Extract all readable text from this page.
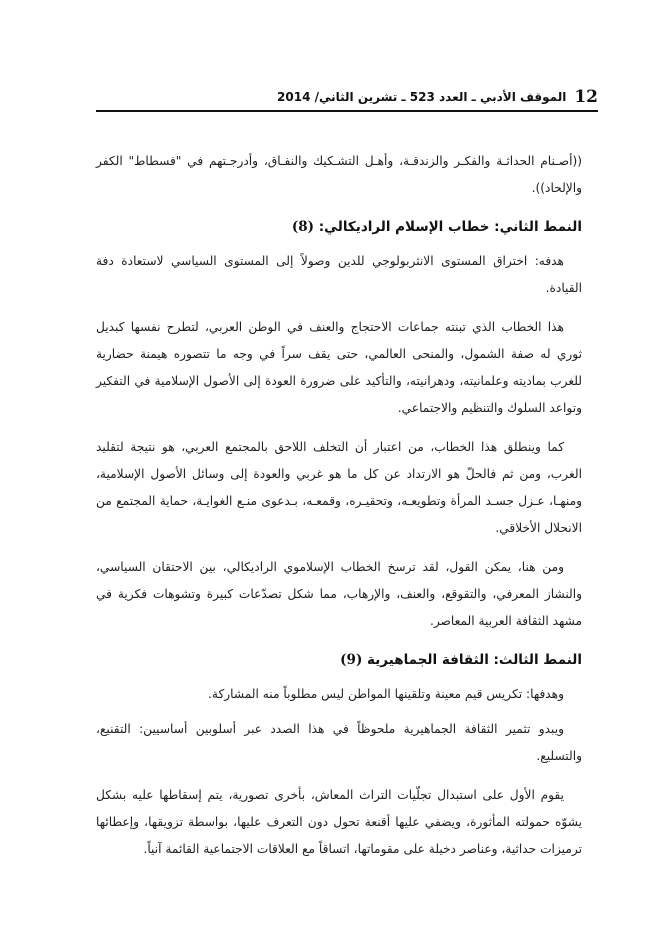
الموقف الأدبي ـ العدد 523 ـ تشرين الثاني/ 2014 12

((أصـنام الحداثـة والفكـر والزندقـة، وأهـل التشـكيك والنفـاق، وأدرجـتهم في "فسطاط" الكفر والإلحاد)).

النمط الثاني: خطاب الإسلام الراديكالي: (8)

هدفه: اختراق المستوى الانثربولوجي للدين وصولاً إلى المستوى السياسي لاستعادة دفة القيادة.

هذا الخطاب الذي تبنته جماعات الاحتجاج والعنف في الوطن العربي، لتطرح نفسها كبديل ثوري له صفة الشمول، والمنحى العالمي، حتى يقف سراً في وجه ما تتصوره هيمنة حضارية للغرب بماديته وعلمانيته، ودهرانيته، والتأكيد على ضرورة العودة إلى الأصول الإسلامية في التفكير وتواعد السلوك والتنظيم والاجتماعي.

كما وينطلق هذا الخطاب، من اعتبار أن التخلف اللاحق بالمجتمع العربي، هو نتيجة لتقليد الغرب، ومن ثم فالحلّ هو الارتداد عن كل ما هو غربي والعودة إلى وسائل الأصول الإسلامية، ومنهـا، عـزل جسـد المرأة وتطويعـه، وتحقيـره، وقمعـه، بـدعوى منـع الغوايـة، حماية المجتمع من الانحلال الأخلاقي.

ومن هنا، يمكن القول، لقد ترسخ الخطاب الإسلاموي الراديكالي، بين الاحتقان السياسي، والنشاز المعرفي، والتقوقع، والعنف، والإرهاب، مما شكل تصدّعات كبيرة وتشوهات فكرية في مشهد الثقافة العربية المعاصر.

النمط الثالث: الثقافة الجماهيرية (9)

وهدفها: تكريس قيم معينة وتلقينها المواطن ليس مطلوباً منه المشاركة.

ويبدو تثمير الثقافة الجماهيرية ملحوظاً في هذا الصدد عبر أسلوبين أساسيين: التقنيع، والتسليع.

يقوم الأول على استبدال تجلّيات التراث المعاش، بأخرى تصورية، يتم إسقاطها عليه بشكل يشوّه حمولته المأثورة، ويضفي عليها أقنعة تحول دون التعرف عليها، بواسطة تزويقها، وإعطائها ترميزات حداثية، وعناصر دخيلة على مقوماتها، اتساقاً مع العلاقات الاجتماعية القائمة آنياً.
